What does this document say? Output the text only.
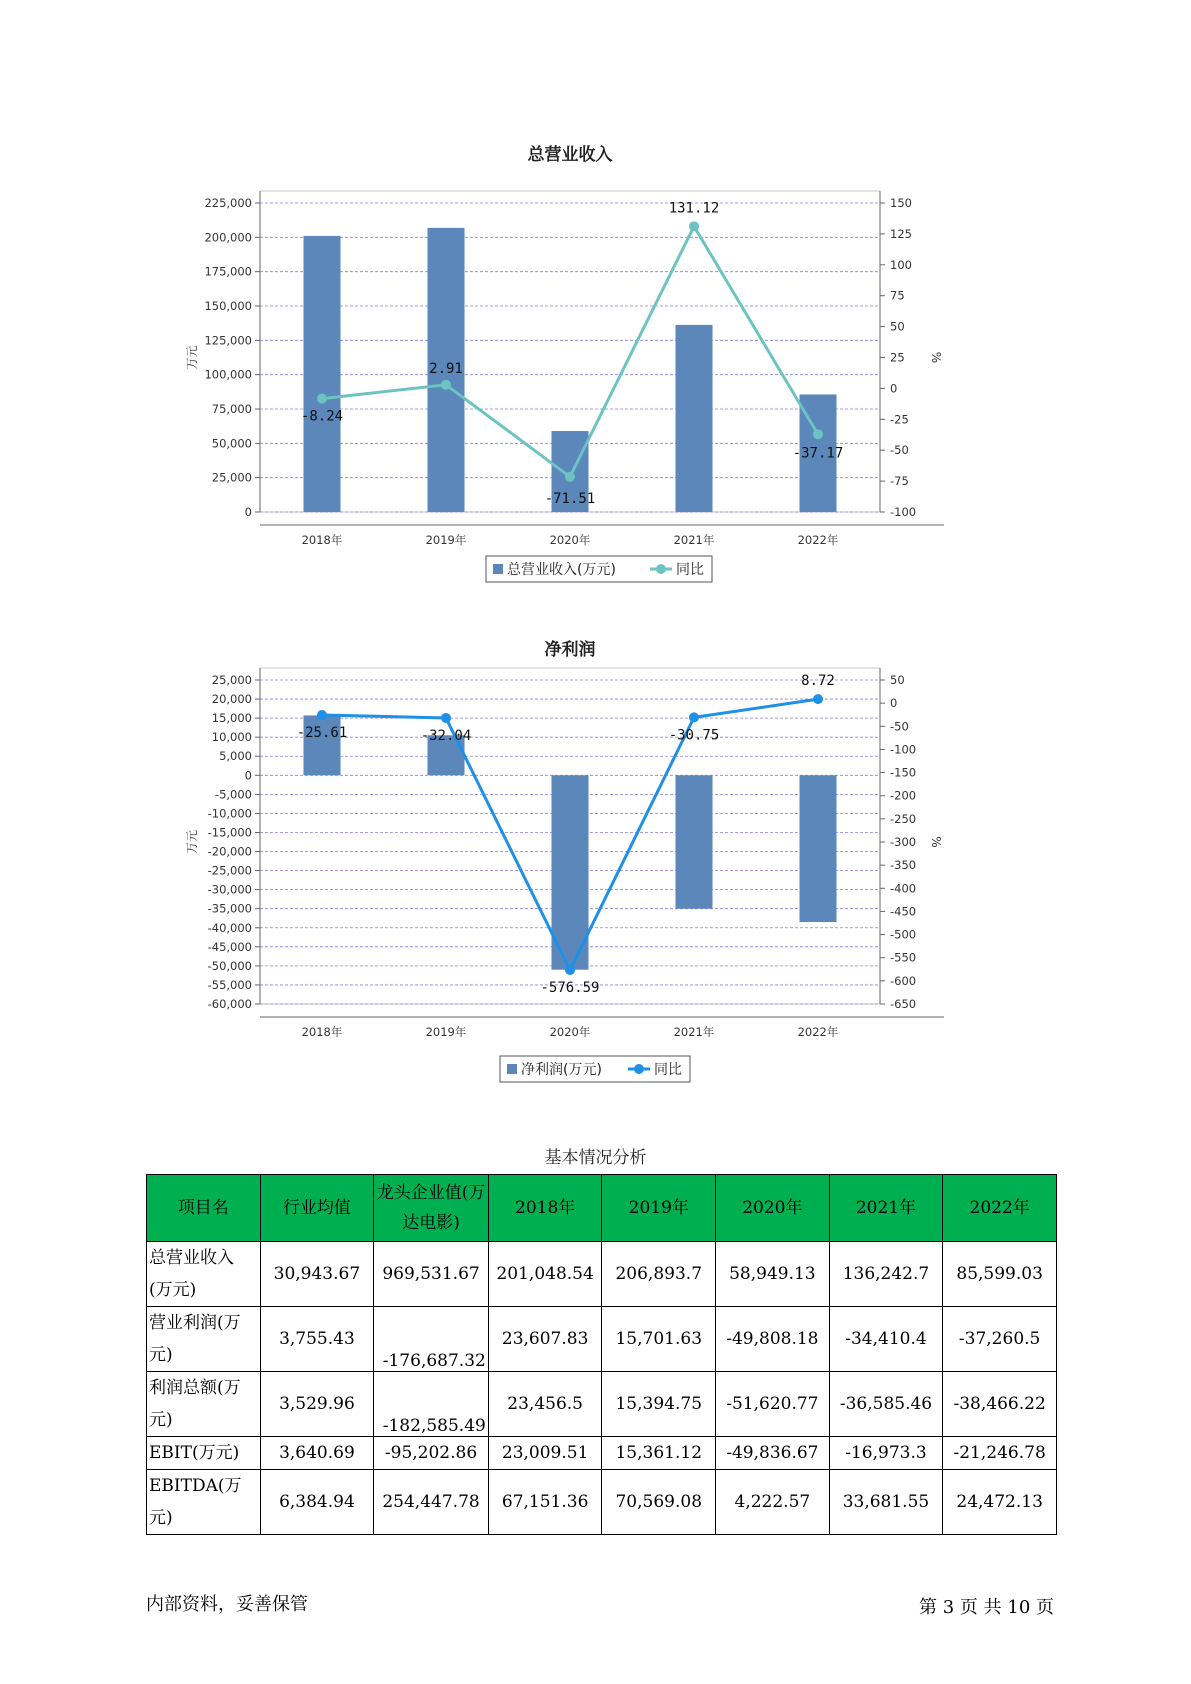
总营业收入
0
25,000
50,000
75,000
100,000
125,000
150,000
175,000
200,000
225,000
-100
-75
-50
-25
0
25
50
75
100
125
150
万元	%
2018年	2019年	2020年	2021年	2022年
-8.24
2.91
-71.51
131.12
-37.17
总营业收入(万元)	同比
净利润
-60,000
-55,000
-50,000
-45,000
-40,000
-35,000
-30,000
-25,000
-20,000
-15,000
-10,000
-5,000
0
5,000
10,000
15,000
20,000
25,000
-650
-600
-550
-500
-450
-400
-350
-300
-250
-200
-150
-100
-50
0
50
万元	%
2018年	2019年	2020年	2021年	2022年
-25.61	-32.04
-576.59
-30.75
8.72
净利润(万元)	同比
基本情况分析
项目名	行业均值	龙头企业值(万达电影)	2018年	2019年	2020年	2021年	2022年
总营业收入(万元)	30,943.67	969,531.67	201,048.54	206,893.7	58,949.13	136,242.7	85,599.03
营业利润(万元)	3,755.43	-176,687.32	23,607.83	15,701.63	-49,808.18	-34,410.4	-37,260.5
利润总额(万元)	3,529.96	-182,585.49	23,456.5	15,394.75	-51,620.77	-36,585.46	-38,466.22
EBIT(万元)	3,640.69	-95,202.86	23,009.51	15,361.12	-49,836.67	-16,973.3	-21,246.78
EBITDA(万元)	6,384.94	254,447.78	67,151.36	70,569.08	4,222.57	33,681.55	24,472.13
内部资料，妥善保管	第 3 页 共 10 页
